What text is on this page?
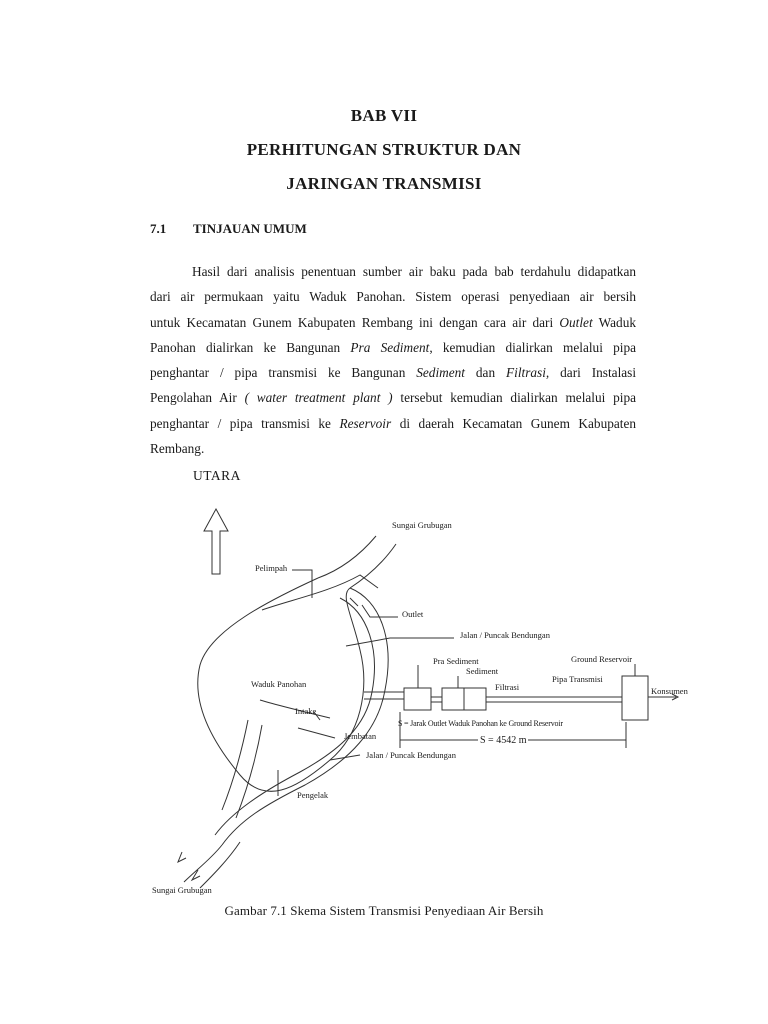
BAB VII
PERHITUNGAN STRUKTUR DAN
JARINGAN TRANSMISI
7.1 TINJAUAN UMUM
Hasil dari analisis penentuan sumber air baku pada bab terdahulu didapatkan
dari air permukaan yaitu Waduk Panohan. Sistem operasi penyediaan air bersih
untuk Kecamatan Gunem Kabupaten Rembang ini dengan cara air dari Outlet Waduk
Panohan dialirkan ke Bangunan Pra Sediment, kemudian dialirkan melalui pipa
penghantar / pipa transmisi ke Bangunan Sediment dan Filtrasi, dari Instalasi
Pengolahan Air ( water treatment plant ) tersebut kemudian dialirkan melalui pipa
penghantar / pipa transmisi ke Reservoir di daerah Kecamatan Gunem Kabupaten
Rembang.
UTARA
Sungai Grubugan
Pelimpah
Outlet
Jalan / Puncak Bendungan
Pra Sediment
Sediment
Ground Reservoir
Waduk Panohan	Filtrasi
Pipa Transmisi
Konsumen
Intake
S = Jarak Outlet Waduk Panohan ke Ground Reservoir
Jembatan	S = 4542 m
Jalan / Puncak Bendungan
Pengelak
Sungai Grubugan
Gambar 7.1 Skema Sistem Transmisi Penyediaan Air Bersih
